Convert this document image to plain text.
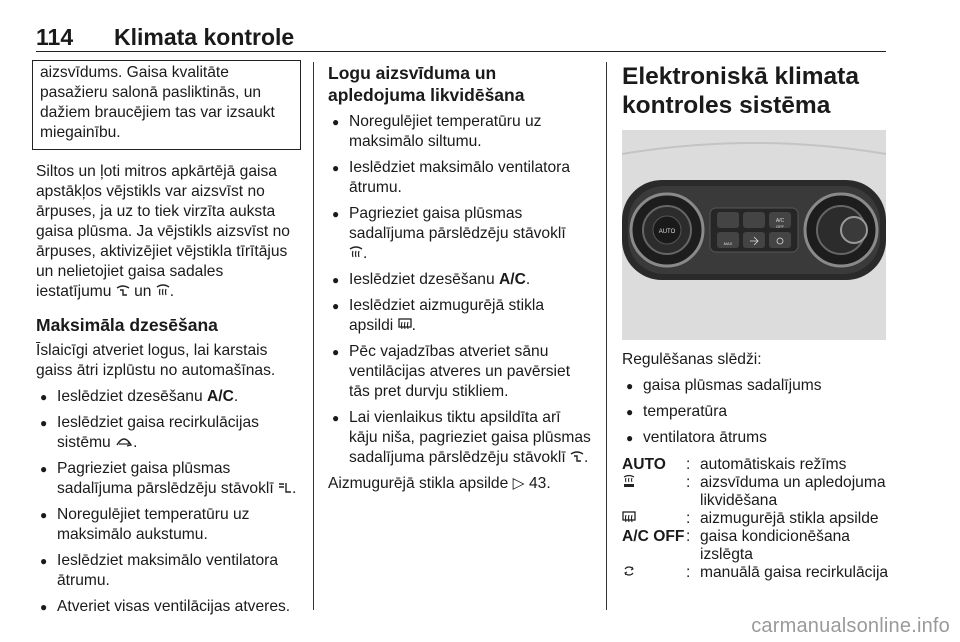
114	Klimata kontrole

aizsvīdums. Gaisa kvalitāte pasažieru salonā pasliktinās, un dažiem braucējiem tas var izsaukt miegainību.

Siltos un ļoti mitros apkārtējā gaisa apstākļos vējstikls var aizsvīst no ārpuses, ja uz to tiek virzīta auksta gaisa plūsma. Ja vējstikls aizsvīst no ārpuses, aktivizējiet vējstikla tīrītājus un nelietojiet gaisa sadales iestatījumu un .

Maksimāla dzesēšana

Īslaicīgi atveriet logus, lai karstais gaiss ātri izplūstu no automašīnas.

● Ieslēdziet dzesēšanu A/C.
● Ieslēdziet gaisa recirkulācijas sistēmu .
● Pagrieziet gaisa plūsmas sadalījuma pārslēdzēju stāvoklī .
● Noregulējiet temperatūru uz maksimālo aukstumu.
● Ieslēdziet maksimālo ventilatora ātrumu.
● Atveriet visas ventilācijas atveres.
Logu aizsvīduma un apledojuma likvidēšana
● Noregulējiet temperatūru uz maksimālo siltumu.
● Ieslēdziet maksimālo ventilatora ātrumu.
● Pagrieziet gaisa plūsmas sadalījuma pārslēdzēju stāvoklī
.
● Ieslēdziet dzesēšanu A/C.
● Ieslēdziet aizmugurējā stikla apsildi .
● Pēc vajadzības atveriet sānu ventilācijas atveres un pavērsiet tās pret durvju stikliem.
● Lai vienlaikus tiktu apsildīta arī kāju niša, pagrieziet gaisa plūsmas sadalījuma pārslēdzēju stāvoklī .

Aizmugurējā stikla apsilde ▷ 43.

Elektroniskā klimata kontroles sistēma
AUTO
A/C
OFF
MAX

Regulēšanas slēdži:

● gaisa plūsmas sadalījums
● temperatūra
● ventilatora ātrums
AUTO	: automātiskais režīms
: aizsvīduma un apledojuma likvidēšana
: aizmugurējā stikla apsilde
A/C OFF : gaisa kondicionēšana izslēgta
: manuālā gaisa recirkulācija
carmanualsonline.info
